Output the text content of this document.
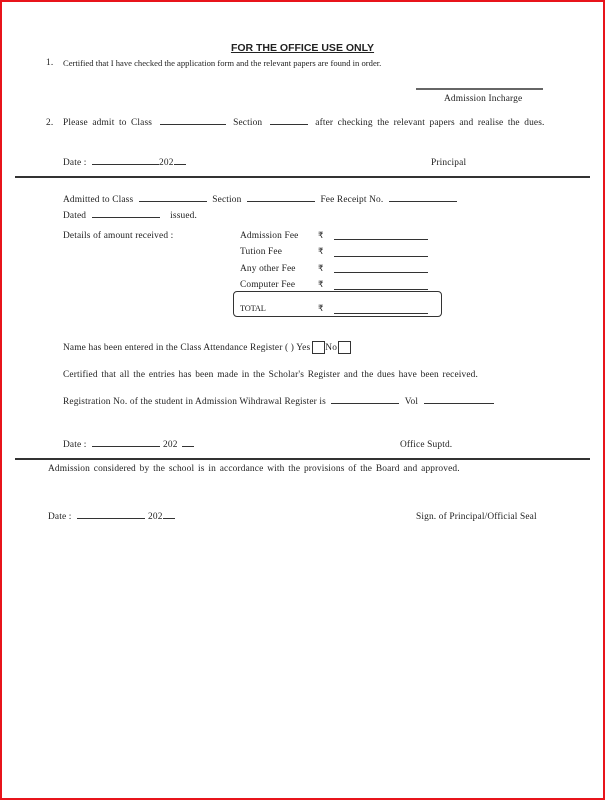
FOR THE OFFICE USE ONLY
1. Certified that I have checked the application form and the relevant papers are found in order.
Admission Incharge
2. Please admit to Class	Section	after checking the relevant papers and realise the dues.
Date :	202	Principal
Admitted to Class	Section	Fee Receipt No.
Dated	issued.
Details of amount received :	Admission Fee ₹
Tution Fee	₹
Any other Fee	₹
Computer Fee	₹
TOTAL	₹
Name has been entered in the Class Attendance Register ( ) Yes No
Certified that all the entries has been made in the Scholar's Register and the dues have been received.
Registration No. of the student in Admission Wihdrawal Register is	Vol
Date :	202	Office Suptd.
Admission considered by the school is in accordance with the provisions of the Board and approved.
Date :	202	Sign. of Principal/Official Seal
